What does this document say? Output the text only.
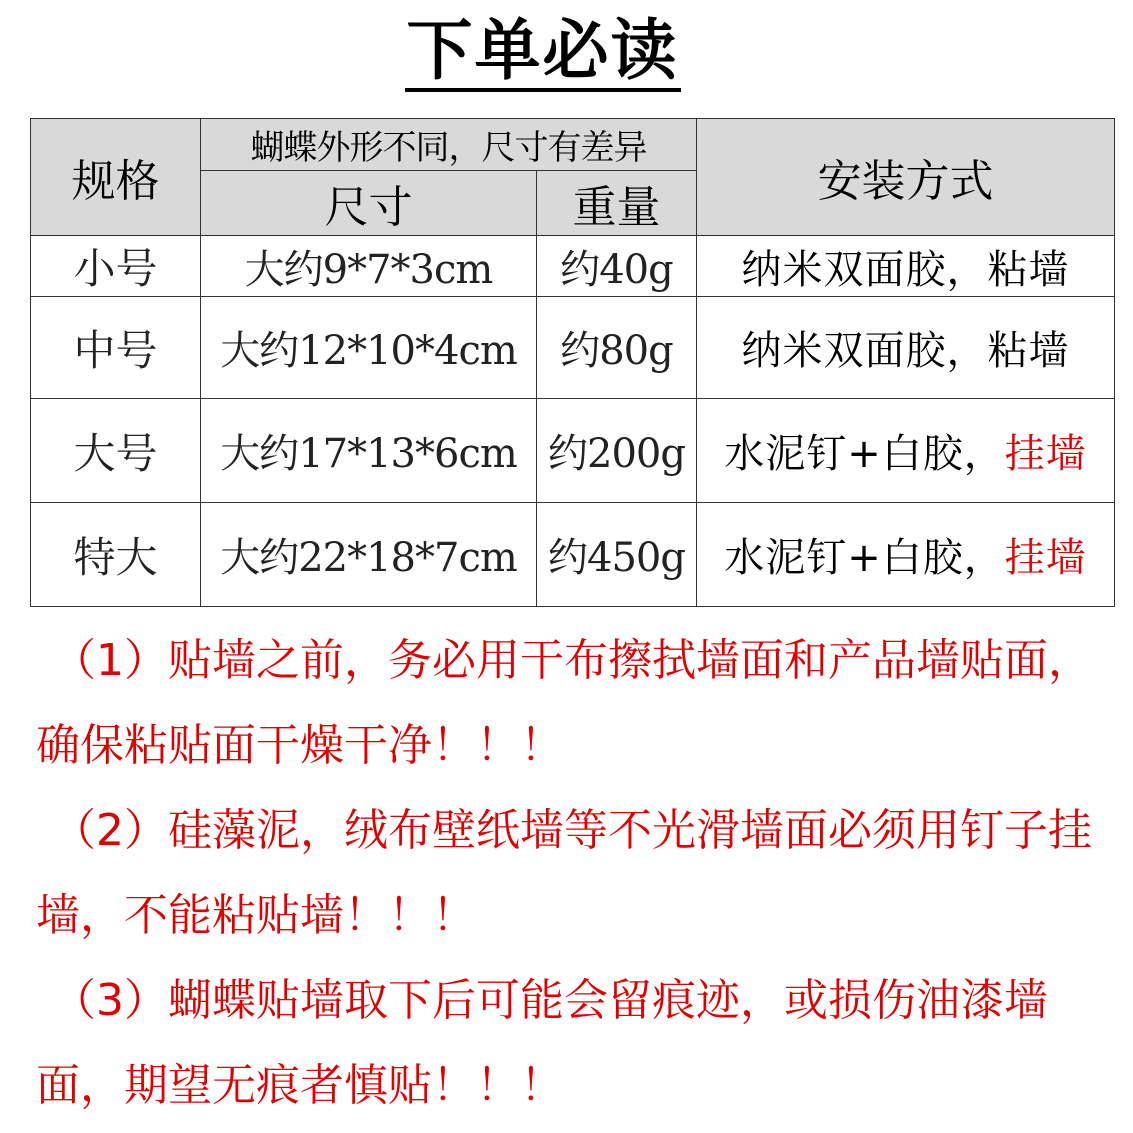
下单必读
规格	蝴蝶外形不同，尺寸有差异		安装方式
	尺寸	重量	
小号	大约9*7*3cm	约40g	纳米双面胶，粘墙
中号	大约12*10*4cm	约80g	纳米双面胶，粘墙
大号	大约17*13*6cm	约200g	水泥钉+白胶，挂墙
特大	大约22*18*7cm	约450g	水泥钉+白胶，挂墙

（1）贴墙之前，务必用干布擦拭墙面和产品墙贴面，确保粘贴面干燥干净！！！

（2）硅藻泥，绒布壁纸墙等不光滑墙面必须用钉子挂墙，不能粘贴墙！！！

（3）蝴蝶贴墙取下后可能会留痕迹，或损伤油漆墙面，期望无痕者慎贴！！！
